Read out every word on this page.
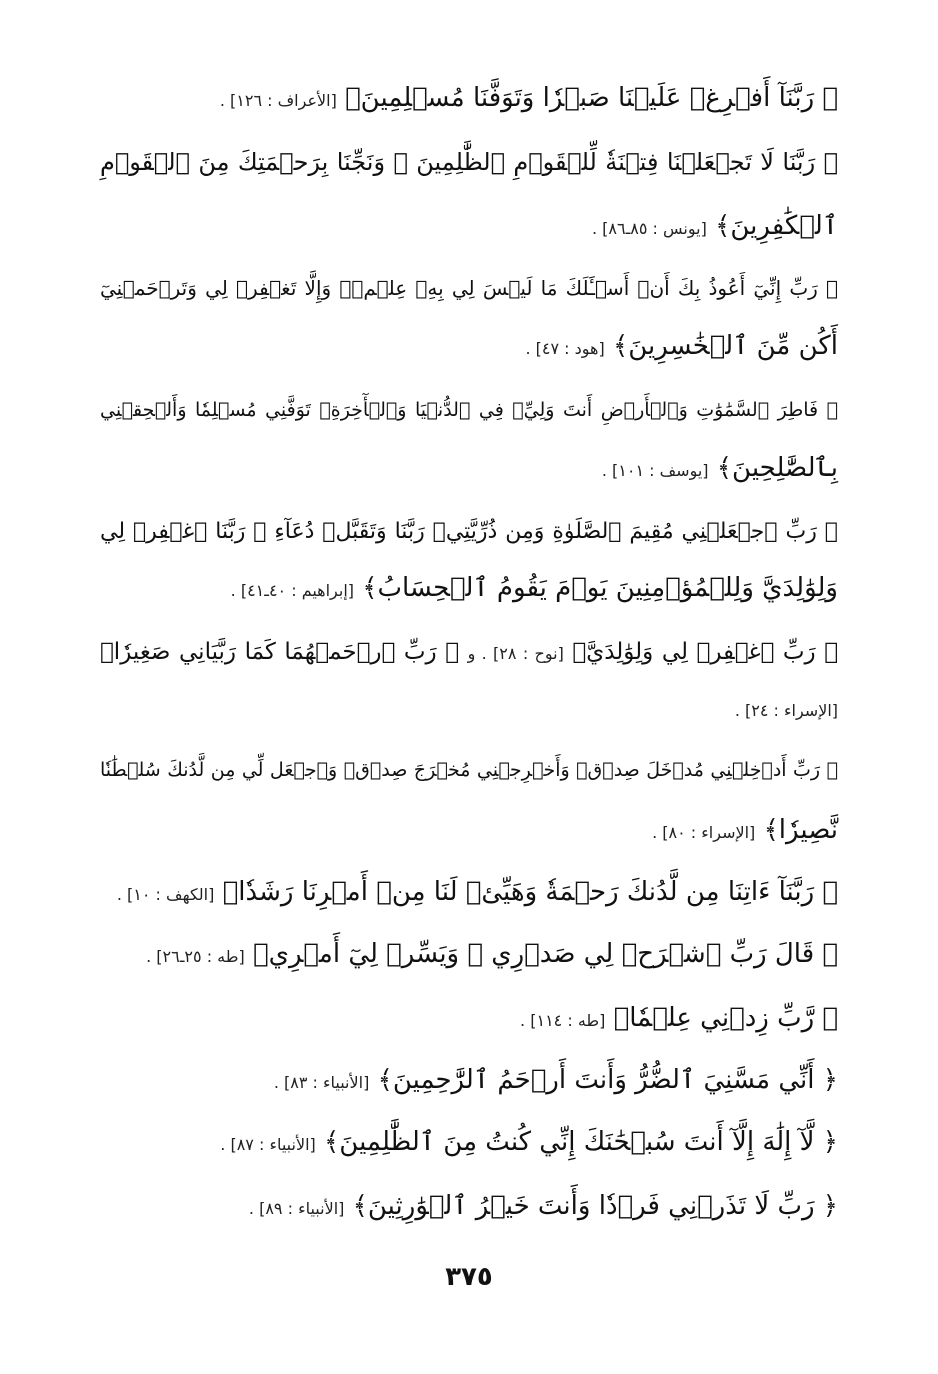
﴿ رَبَّنَآ أَفۡرِغۡ عَلَيۡنَا صَبۡرٗا وَتَوَفَّنَا مُسۡلِمِينَ﴾ [الأعراف : ١٢٦] .
﴿ رَبَّنَا لَا تَجۡعَلۡنَا فِتۡنَةٗ لِّلۡقَوۡمِ ٱلظَّٰلِمِينَ ۞ وَنَجِّنَا بِرَحۡمَتِكَ مِنَ ٱلۡقَوۡمِ
ٱلۡكَٰفِرِينَ﴾ [يونس : ٨٥ـ٨٦] .
﴿ رَبِّ إِنِّيٓ أَعُوذُ بِكَ أَنۡ أَسۡـَٔلَكَ مَا لَيۡسَ لِي بِهِۦ عِلۡمٞۖ وَإِلَّا تَغۡفِرۡ لِي وَتَرۡحَمۡنِيٓ
أَكُن مِّنَ ٱلۡخَٰسِرِينَ﴾ [هود : ٤٧] .
﴿ فَاطِرَ ٱلسَّمَٰوَٰتِ وَٱلۡأَرۡضِ أَنتَ وَلِيِّۦ فِي ٱلدُّنۡيَا وَٱلۡأٓخِرَةِۖ تَوَفَّنِي مُسۡلِمٗا وَأَلۡحِقۡنِي
بِٱلصَّٰلِحِينَ﴾ [يوسف : ١٠١] .
﴿ رَبِّ ٱجۡعَلۡنِي مُقِيمَ ٱلصَّلَوٰةِ وَمِن ذُرِّيَّتِيۚ رَبَّنَا وَتَقَبَّلۡ دُعَآءِ ۞ رَبَّنَا ٱغۡفِرۡ لِي
وَلِوَٰلِدَيَّ وَلِلۡمُؤۡمِنِينَ يَوۡمَ يَقُومُ ٱلۡحِسَابُ﴾ [إبراهيم : ٤٠ـ٤١] .
﴿ رَبِّ ٱغۡفِرۡ لِي وَلِوَٰلِدَيَّ﴾ [نوح : ٢٨] . و ﴿ رَبِّ ٱرۡحَمۡهُمَا كَمَا رَبَّيَانِي صَغِيرٗا﴾
[الإسراء : ٢٤] .
﴿ رَبِّ أَدۡخِلۡنِي مُدۡخَلَ صِدۡقٖ وَأَخۡرِجۡنِي مُخۡرَجَ صِدۡقٖ وَٱجۡعَل لِّي مِن لَّدُنكَ سُلۡطَٰنٗا
نَّصِيرٗا﴾ [الإسراء : ٨٠] .
﴿ رَبَّنَآ ءَاتِنَا مِن لَّدُنكَ رَحۡمَةٗ وَهَيِّئۡ لَنَا مِنۡ أَمۡرِنَا رَشَدٗا﴾ [الكهف : ١٠] .
﴿ قَالَ رَبِّ ٱشۡرَحۡ لِي صَدۡرِي ۞ وَيَسِّرۡ لِيٓ أَمۡرِي﴾ [طه : ٢٥ـ٢٦] .
﴿ رَّبِّ زِدۡنِي عِلۡمٗا﴾ [طه : ١١٤] .
﴿ أَنِّي مَسَّنِيَ ٱلضُّرُّ وَأَنتَ أَرۡحَمُ ٱلرَّٰحِمِينَ﴾ [الأنبياء : ٨٣] .
﴿ لَّآ إِلَٰهَ إِلَّآ أَنتَ سُبۡحَٰنَكَ إِنِّي كُنتُ مِنَ ٱلظَّٰلِمِينَ﴾ [الأنبياء : ٨٧] .
﴿ رَبِّ لَا تَذَرۡنِي فَرۡدٗا وَأَنتَ خَيۡرُ ٱلۡوَٰرِثِينَ﴾ [الأنبياء : ٨٩] .
٣٧٥
